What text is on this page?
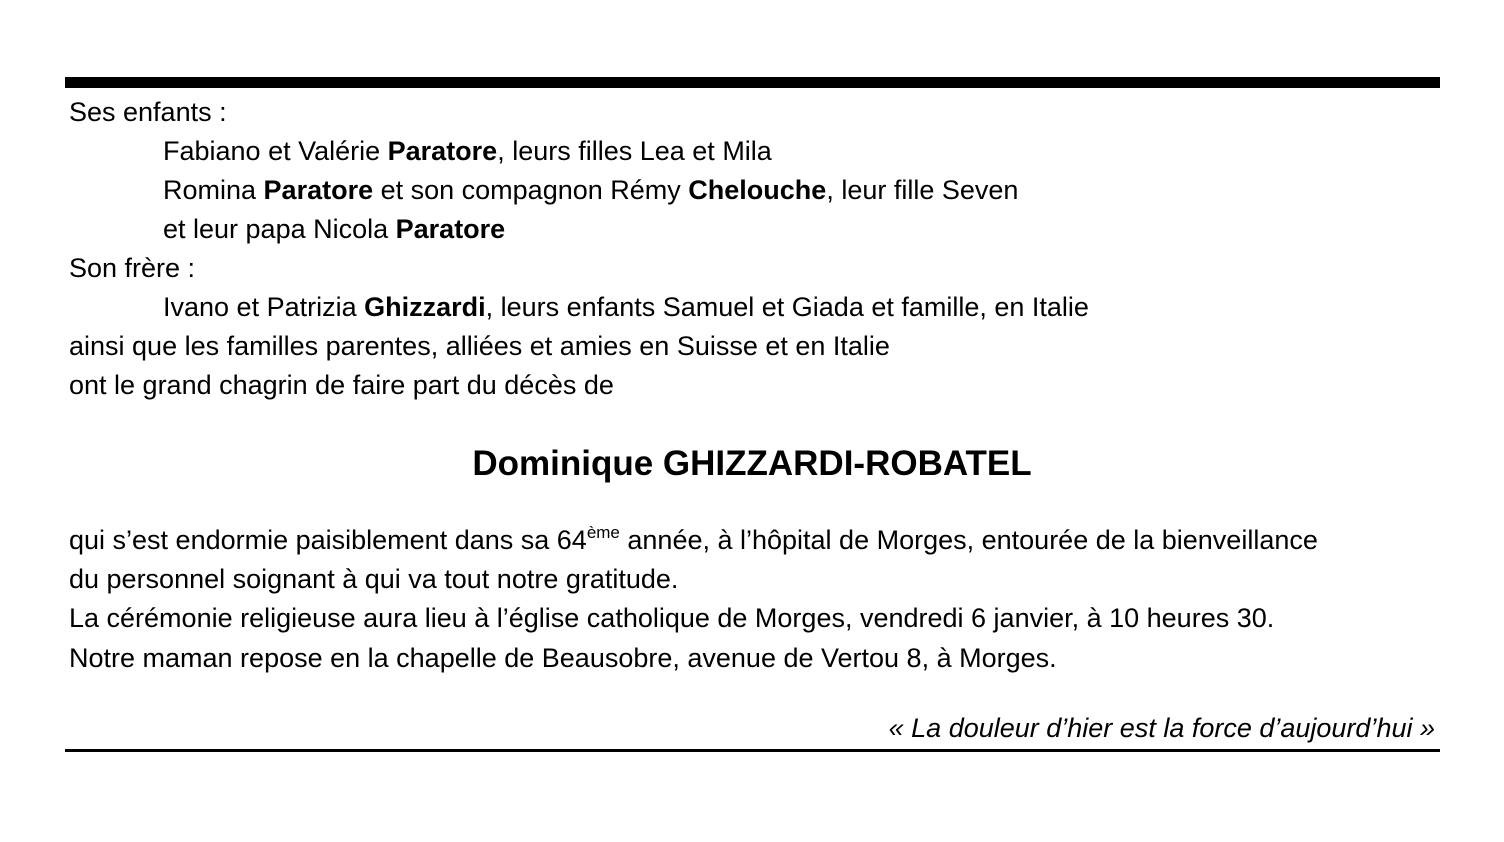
Ses enfants :
Fabiano et Valérie Paratore, leurs filles Lea et Mila
Romina Paratore et son compagnon Rémy Chelouche, leur fille Seven
et leur papa Nicola Paratore
Son frère :
Ivano et Patrizia Ghizzardi, leurs enfants Samuel et Giada et famille, en Italie
ainsi que les familles parentes, alliées et amies en Suisse et en Italie
ont le grand chagrin de faire part du décès de
Dominique GHIZZARDI-ROBATEL
qui s’est endormie paisiblement dans sa 64ème année, à l’hôpital de Morges, entourée de la bienveillance
du personnel soignant à qui va tout notre gratitude.
La cérémonie religieuse aura lieu à l’église catholique de Morges, vendredi 6 janvier, à 10 heures 30.
Notre maman repose en la chapelle de Beausobre, avenue de Vertou 8, à Morges.
« La douleur d’hier est la force d’aujourd’hui »
